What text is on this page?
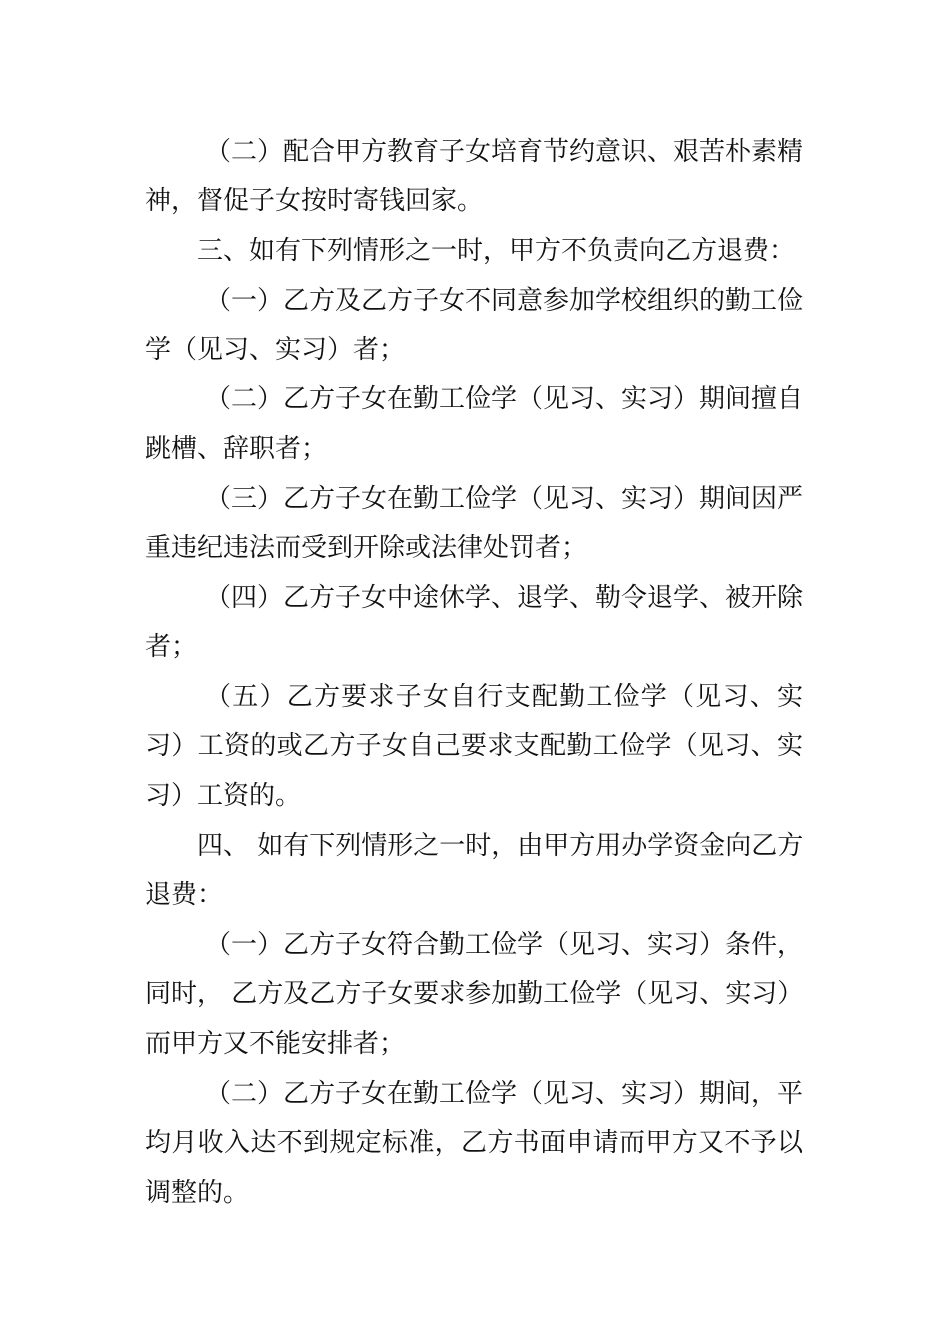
（二）配合甲方教育子女培育节约意识、艰苦朴素精
神，督促子女按时寄钱回家。
三、如有下列情形之一时，甲方不负责向乙方退费：
（一）乙方及乙方子女不同意参加学校组织的勤工俭
学（见习、实习）者；
（二）乙方子女在勤工俭学（见习、实习）期间擅自
跳槽、辞职者；
（三）乙方子女在勤工俭学（见习、实习）期间因严
重违纪违法而受到开除或法律处罚者；
（四）乙方子女中途休学、退学、勒令退学、被开除
者；
（五）乙方要求子女自行支配勤工俭学（见习、实
习）工资的或乙方子女自己要求支配勤工俭学（见习、实
习）工资的。
四、 如有下列情形之一时，由甲方用办学资金向乙方
退费：
（一）乙方子女符合勤工俭学（见习、实习）条件，
同时， 乙方及乙方子女要求参加勤工俭学（见习、实习）
而甲方又不能安排者；
（二）乙方子女在勤工俭学（见习、实习）期间，平
均月收入达不到规定标准，乙方书面申请而甲方又不予以
调整的。
